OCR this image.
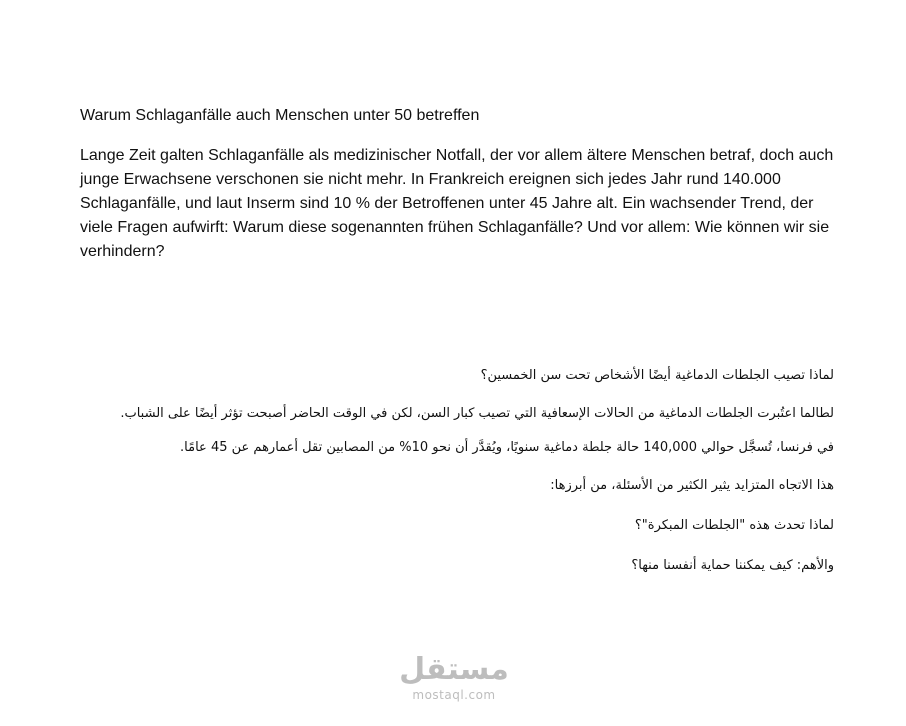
Warum Schlaganfälle auch Menschen unter 50 betreffen

Lange Zeit galten Schlaganfälle als medizinischer Notfall, der vor allem ältere Menschen betraf, doch auch junge Erwachsene verschonen sie nicht mehr. In Frankreich ereignen sich jedes Jahr rund 140.000 Schlaganfälle, und laut Inserm sind 10 % der Betroffenen unter 45 Jahre alt. Ein wachsender Trend, der viele Fragen aufwirft: Warum diese sogenannten frühen Schlaganfälle? Und vor allem: Wie können wir sie verhindern?

لماذا تصيب الجلطات الدماغية أيضًا الأشخاص تحت سن الخمسين؟

لطالما اعتُبرت الجلطات الدماغية من الحالات الإسعافية التي تصيب كبار السن، لكن في الوقت الحاضر أصبحت تؤثر أيضًا على الشباب.

في فرنسا، تُسجَّل حوالي 140,000 حالة جلطة دماغية سنويًا، ويُقدَّر أن نحو 10% من المصابين تقل أعمارهم عن 45 عامًا.

هذا الاتجاه المتزايد يثير الكثير من الأسئلة، من أبرزها:

لماذا تحدث هذه "الجلطات المبكرة"؟

والأهم: كيف يمكننا حماية أنفسنا منها؟

مستقل
mostaql.com
